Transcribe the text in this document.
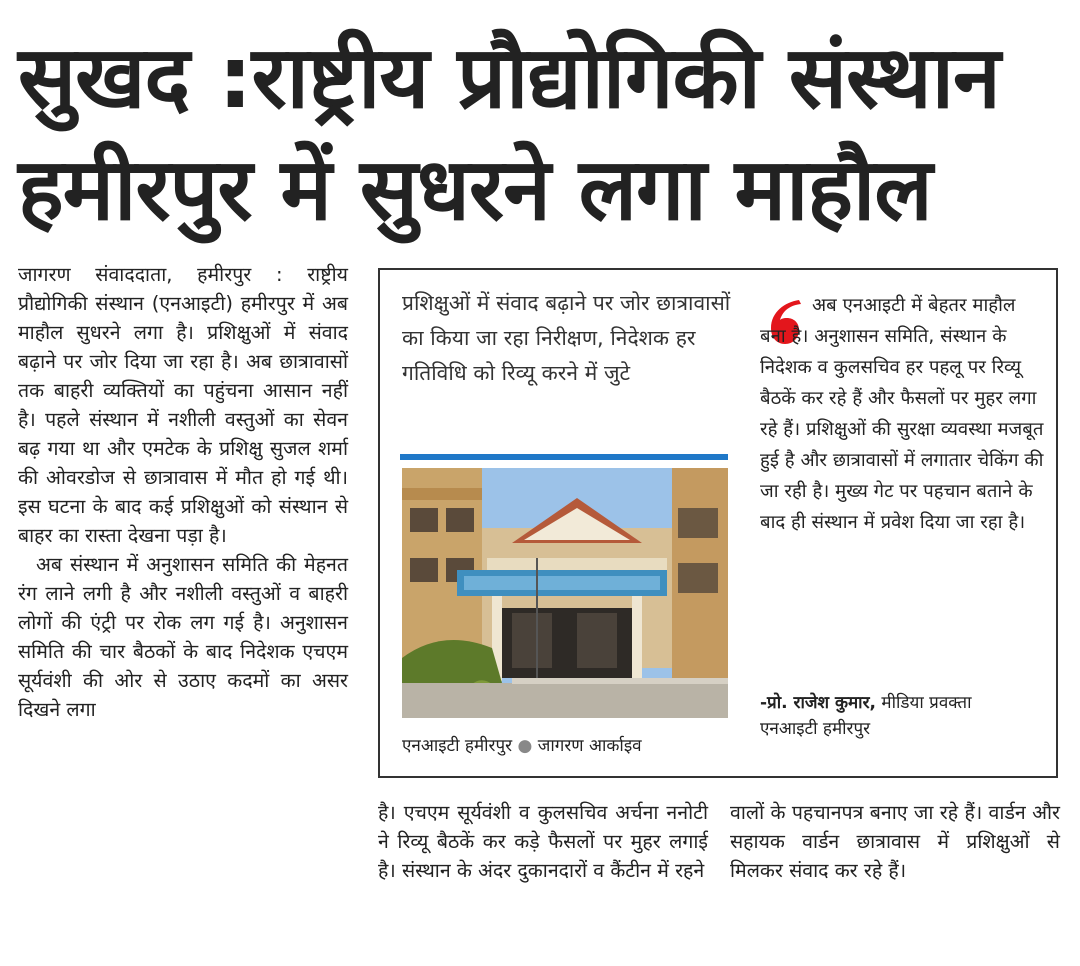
सुखद :राष्ट्रीय प्रौद्योगिकी संस्थान
हमीरपुर में सुधरने लगा माहौल

जागरण संवाददाता, हमीरपुर : राष्ट्रीय प्रौद्योगिकी संस्थान (एनआइटी) हमीरपुर में अब माहौल सुधरने लगा है। प्रशिक्षुओं में संवाद बढ़ाने पर जोर दिया जा रहा है। अब छात्रावासों तक बाहरी व्यक्तियों का पहुंचना आसान नहीं है। पहले संस्थान में नशीली वस्तुओं का सेवन बढ़ गया था और एमटेक के प्रशिक्षु सुजल शर्मा की ओवरडोज से छात्रावास में मौत हो गई थी। इस घटना के बाद कई प्रशिक्षुओं को संस्थान से बाहर का रास्ता देखना पड़ा है।

अब संस्थान में अनुशासन समिति की मेहनत रंग लाने लगी है और नशीली वस्तुओं व बाहरी लोगों की एंट्री पर रोक लग गई है। अनुशासन समिति की चार बैठकों के बाद निदेशक एचएम सूर्यवंशी की ओर से उठाए कदमों का असर दिखने लगा

प्रशिक्षुओं में संवाद बढ़ाने पर जोर छात्रावासों का किया जा रहा निरीक्षण, निदेशक हर गतिविधि को रिव्यू करने में जुटे
एनआइटी हमीरपुर ● जागरण आर्काइव
अब एनआइटी में बेहतर माहौल बना है। अनुशासन समिति, संस्थान के निदेशक व कुलसचिव हर पहलू पर रिव्यू बैठकें कर रहे हैं और फैसलों पर मुहर लगा रहे हैं। प्रशिक्षुओं की सुरक्षा व्यवस्था मजबूत हुई है और छात्रावासों में लगातार चेकिंग की जा रही है। मुख्य गेट पर पहचान बताने के बाद ही संस्थान में प्रवेश दिया जा रहा है।
-प्रो. राजेश कुमार, मीडिया प्रवक्ता
एनआइटी हमीरपुर

है। एचएम सूर्यवंशी व कुलसचिव अर्चना ननोटी ने रिव्यू बैठकें कर कड़े फैसलों पर मुहर लगाई है। संस्थान के अंदर दुकानदारों व कैंटीन में रहने

वालों के पहचानपत्र बनाए जा रहे हैं। वार्डन और सहायक वार्डन छात्रावास में प्रशिक्षुओं से मिलकर संवाद कर रहे हैं।
